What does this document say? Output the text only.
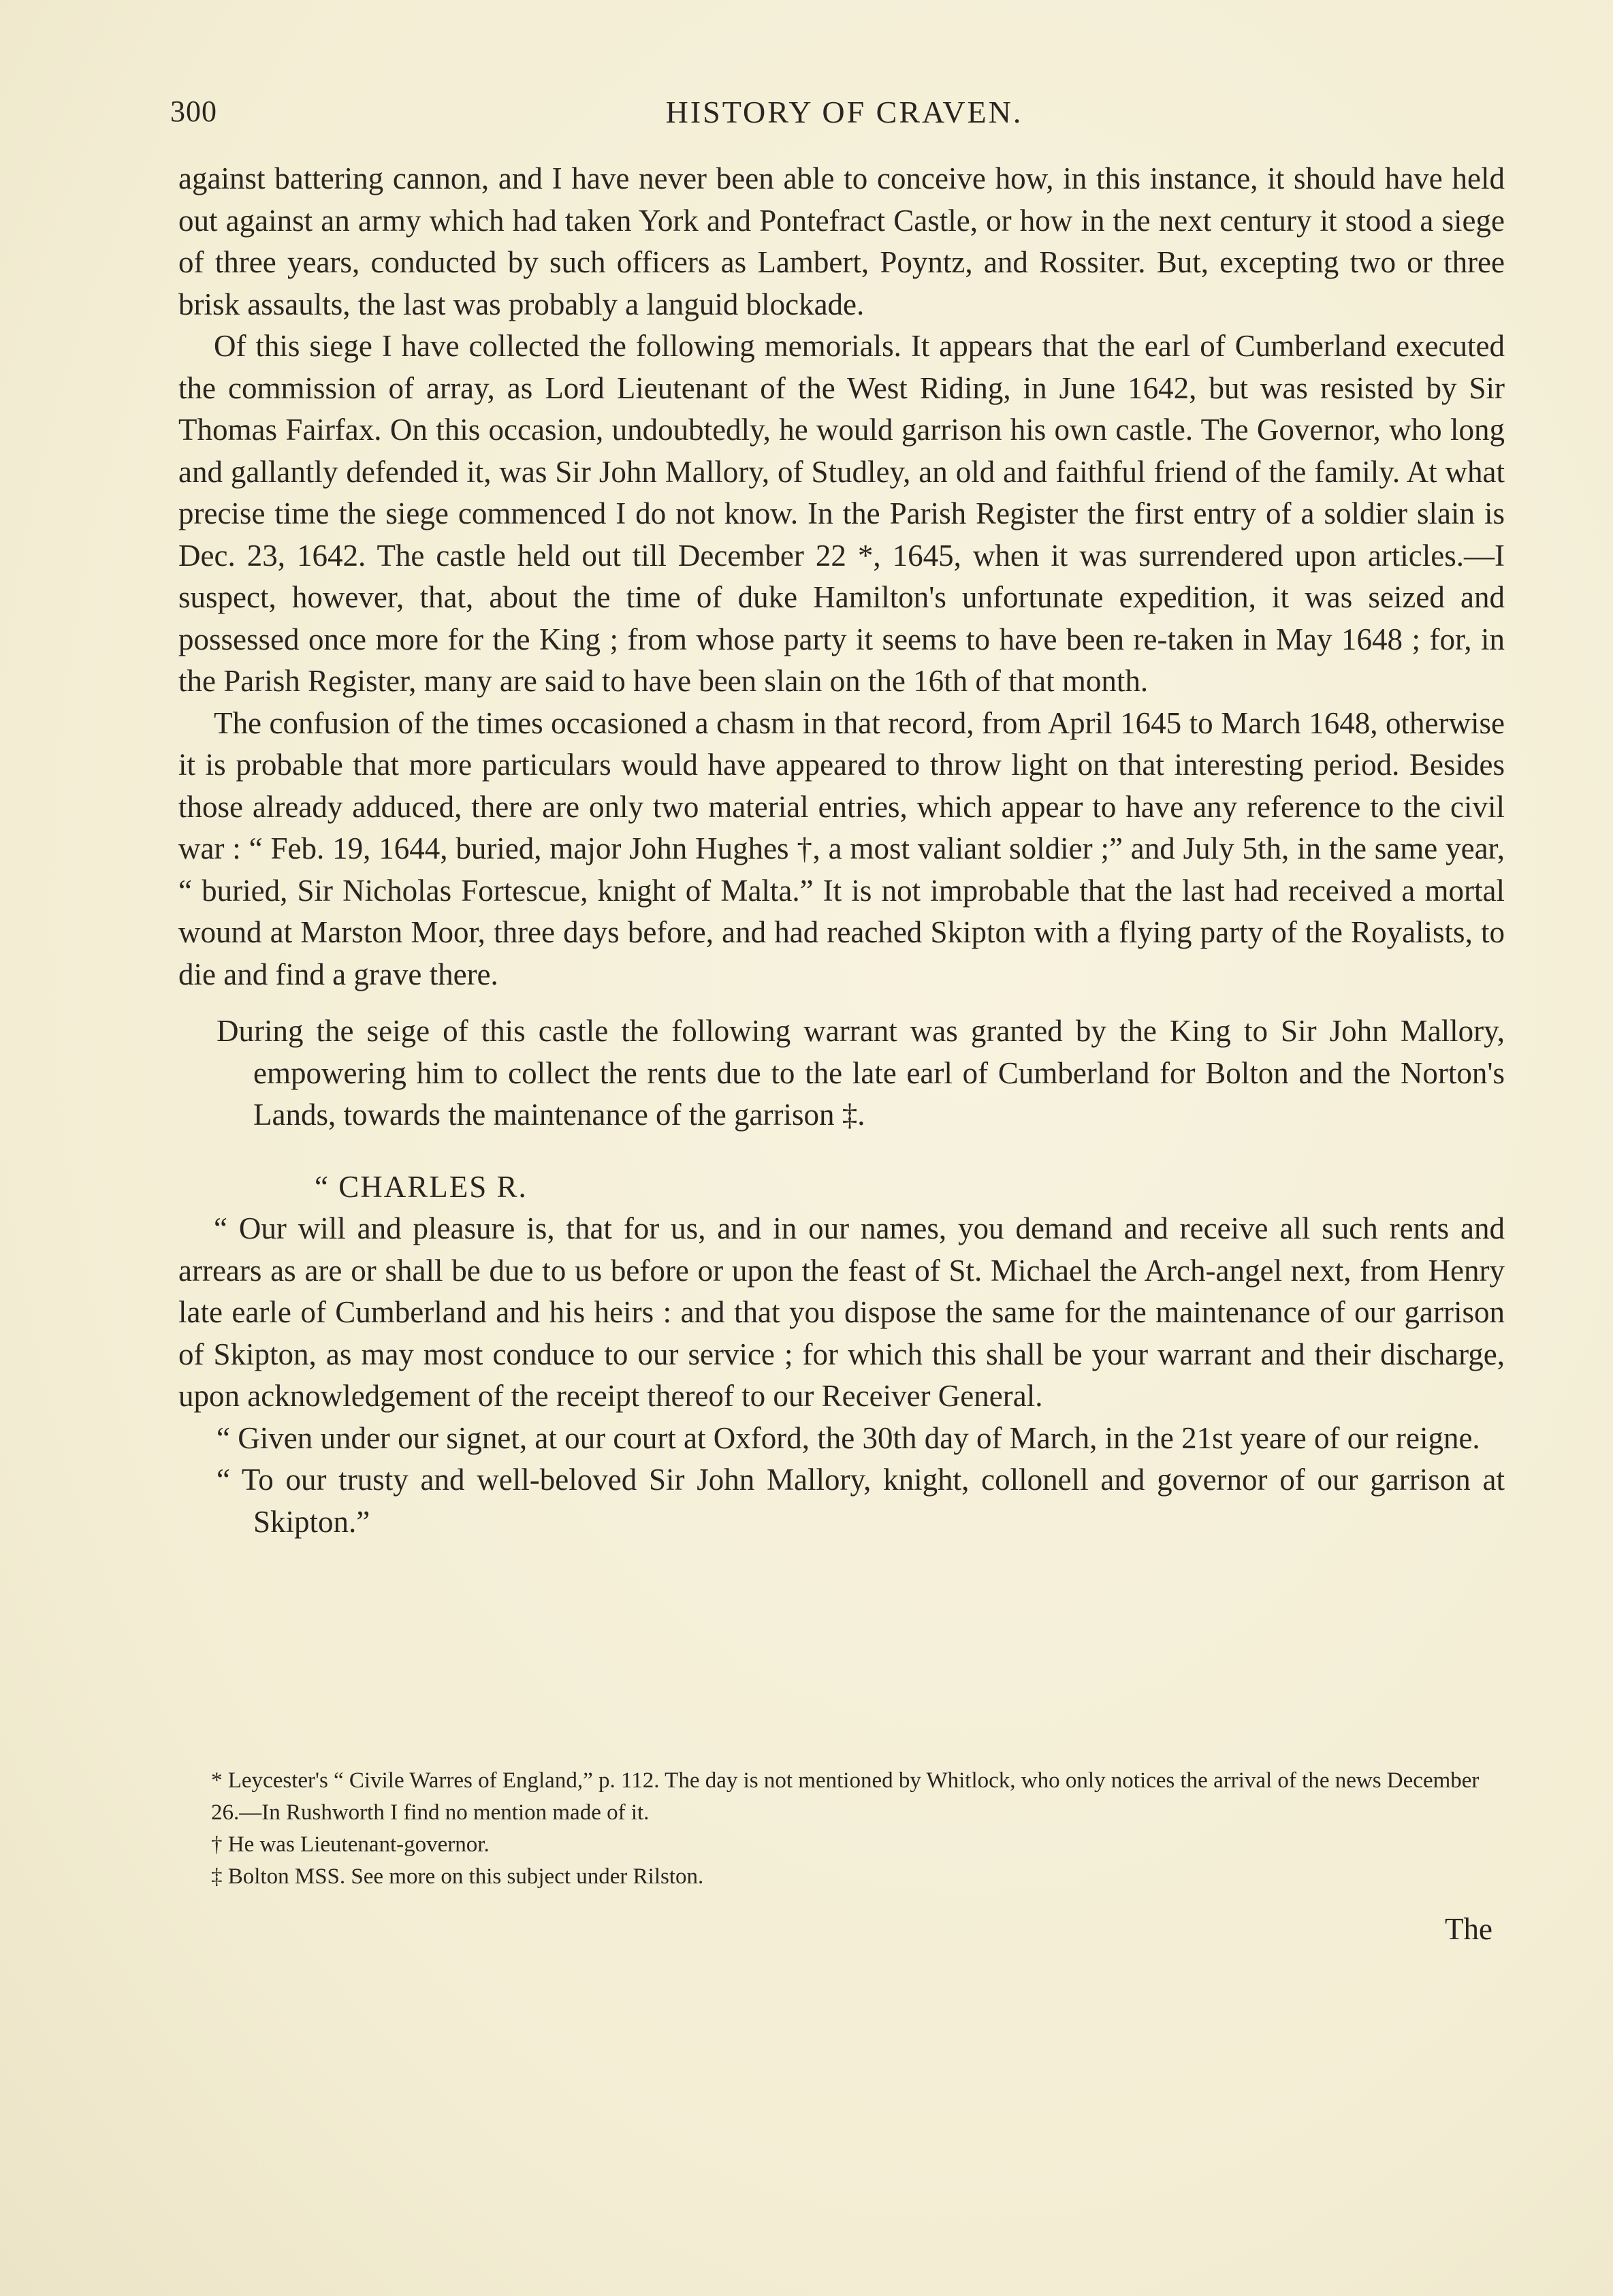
300	HISTORY OF CRAVEN.

against battering cannon, and I have never been able to conceive how, in this instance, it should have held out against an army which had taken York and Pontefract Castle, or how in the next century it stood a siege of three years, conducted by such officers as Lambert, Poyntz, and Rossiter. But, excepting two or three brisk assaults, the last was probably a languid blockade.

Of this siege I have collected the following memorials. It appears that the earl of Cumberland executed the commission of array, as Lord Lieutenant of the West Riding, in June 1642, but was resisted by Sir Thomas Fairfax. On this occasion, undoubtedly, he would garrison his own castle. The Governor, who long and gallantly defended it, was Sir John Mallory, of Studley, an old and faithful friend of the family. At what precise time the siege commenced I do not know. In the Parish Register the first entry of a soldier slain is Dec. 23, 1642. The castle held out till December 22 *, 1645, when it was surrendered upon articles.—I suspect, however, that, about the time of duke Hamilton's unfortunate expedition, it was seized and possessed once more for the King ; from whose party it seems to have been re-taken in May 1648 ; for, in the Parish Register, many are said to have been slain on the 16th of that month.

The confusion of the times occasioned a chasm in that record, from April 1645 to March 1648, otherwise it is probable that more particulars would have appeared to throw light on that interesting period. Besides those already adduced, there are only two material entries, which appear to have any reference to the civil war : “ Feb. 19, 1644, buried, major John Hughes †, a most valiant soldier ;” and July 5th, in the same year, “ buried, Sir Nicholas Fortescue, knight of Malta.” It is not improbable that the last had received a mortal wound at Marston Moor, three days before, and had reached Skipton with a flying party of the Royalists, to die and find a grave there.

During the seige of this castle the following warrant was granted by the King to Sir John Mallory, empowering him to collect the rents due to the late earl of Cumberland for Bolton and the Norton's Lands, towards the maintenance of the garrison ‡.

“ CHARLES R.

“ Our will and pleasure is, that for us, and in our names, you demand and receive all such rents and arrears as are or shall be due to us before or upon the feast of St. Michael the Arch-angel next, from Henry late earle of Cumberland and his heirs : and that you dispose the same for the maintenance of our garrison of Skipton, as may most conduce to our service ; for which this shall be your warrant and their discharge, upon acknowledgement of the receipt thereof to our Receiver General.

“ Given under our signet, at our court at Oxford, the 30th day of March, in the 21st yeare of our reigne.

“ To our trusty and well-beloved Sir John Mallory, knight, collonell and governor of our garrison at Skipton.”

* Leycester's “ Civile Warres of England,” p. 112. The day is not mentioned by Whitlock, who only notices the arrival of the news December 26.—In Rushworth I find no mention made of it.

† He was Lieutenant-governor.

‡ Bolton MSS. See more on this subject under Rilston.

The
